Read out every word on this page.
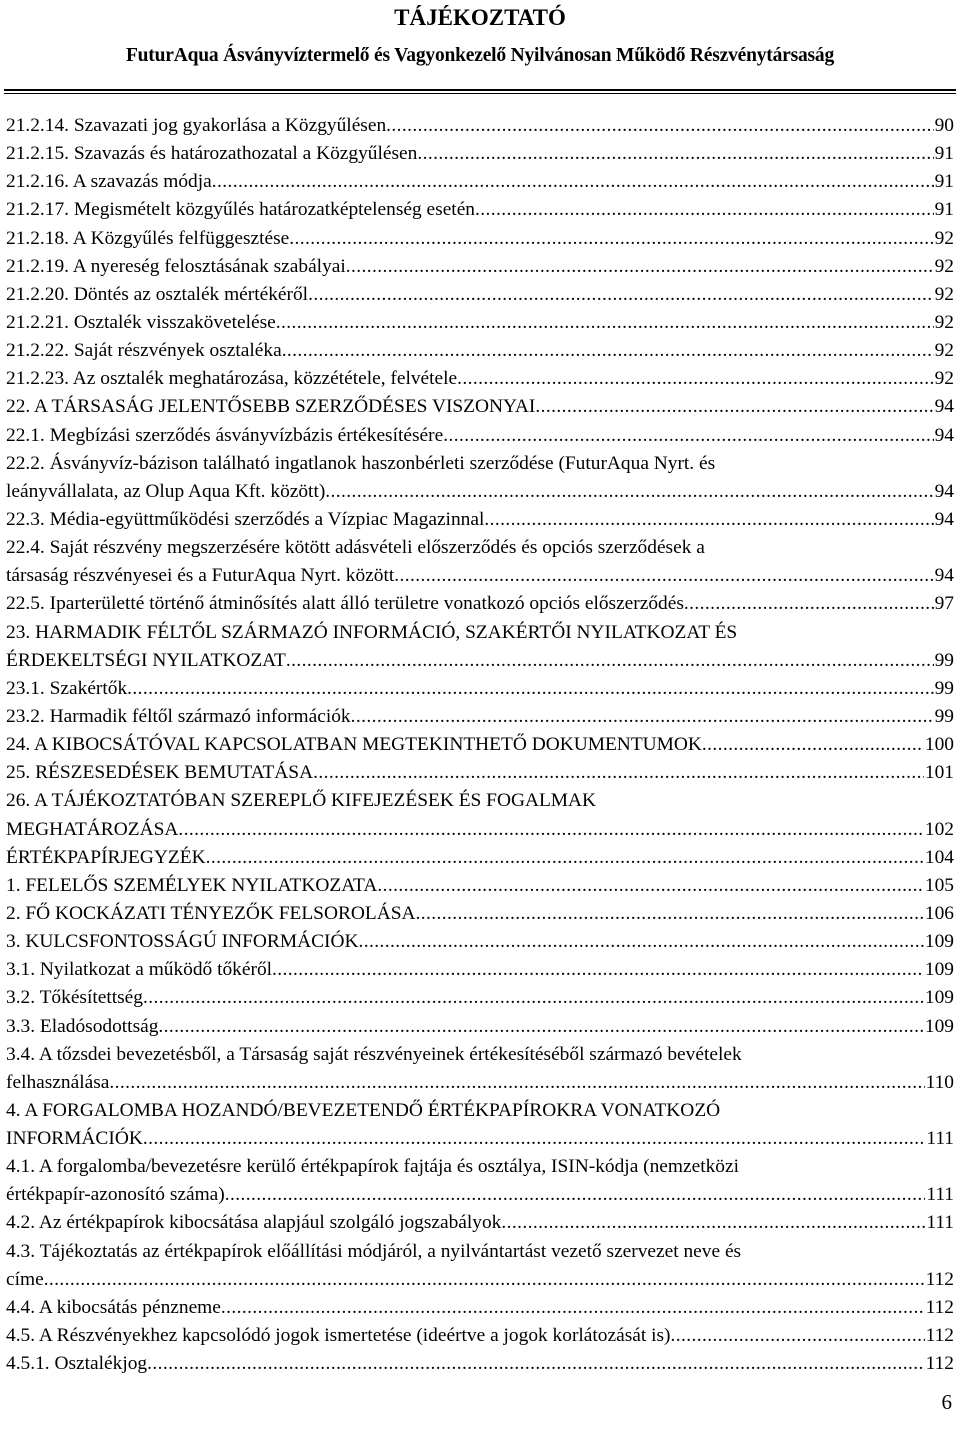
TÁJÉKOZTATÓ
FuturAqua Ásványvíztermelő és Vagyonkezelő Nyilvánosan Működő Részvénytársaság
21.2.14. Szavazati jog gyakorlása a Közgyűlésen .....	90
21.2.15. Szavazás és határozathozatal a Közgyűlésen .....	91
21.2.16. A szavazás módja .....	91
21.2.17. Megismételt közgyűlés határozatképtelenség esetén .....	91
21.2.18. A Közgyűlés felfüggesztése .....	92
21.2.19. A nyereség felosztásának szabályai .....	92
21.2.20. Döntés az osztalék mértékéről .....	92
21.2.21. Osztalék visszakövetelése .....	92
21.2.22. Saját részvények osztaléka .....	92
21.2.23. Az osztalék meghatározása, közzététele, felvétele .....	92
22. A TÁRSASÁG JELENTŐSEBB SZERZŐDÉSES VISZONYAI .....	94
22.1. Megbízási szerződés ásványvízbázis értékesítésére .....	94
22.2. Ásványvíz-bázison található ingatlanok haszonbérleti szerződése (FuturAqua Nyrt. és
leányvállalata, az Olup Aqua Kft. között) .....	94
22.3. Média-együttműködési szerződés a Vízpiac Magazinnal .....	94
22.4. Saját részvény megszerzésére kötött adásvételi előszerződés és opciós szerződések a
társaság részvényesei és a FuturAqua Nyrt. között .....	94
22.5. Iparterületté történő átminősítés alatt álló területre vonatkozó opciós előszerződés .....	97
23. HARMADIK FÉLTŐL SZÁRMAZÓ INFORMÁCIÓ, SZAKÉRTŐI NYILATKOZAT ÉS
ÉRDEKELTSÉGI NYILATKOZAT .....	99
23.1. Szakértők .....	99
23.2. Harmadik féltől származó információk .....	99
24. A KIBOCSÁTÓVAL KAPCSOLATBAN MEGTEKINTHETŐ DOKUMENTUMOK .....	100
25. RÉSZESEDÉSEK BEMUTATÁSA .....	101
26. A TÁJÉKOZTATÓBAN SZEREPLŐ KIFEJEZÉSEK ÉS FOGALMAK
MEGHATÁROZÁSA .....	102
ÉRTÉKPAPÍRJEGYZÉK .....	104
1. FELELŐS SZEMÉLYEK NYILATKOZATA .....	105
2. FŐ KOCKÁZATI TÉNYEZŐK FELSOROLÁSA .....	106
3. KULCSFONTOSSÁGÚ INFORMÁCIÓK .....	109
3.1. Nyilatkozat a működő tőkéről .....	109
3.2. Tőkésítettség .....	109
3.3. Eladósodottság .....	109
3.4. A tőzsdei bevezetésből, a Társaság saját részvényeinek értékesítéséből származó bevételek
felhasználása .....	110
4. A FORGALOMBA HOZANDÓ/BEVEZETENDŐ ÉRTÉKPAPÍROKRA VONATKOZÓ
INFORMÁCIÓK .....	111
4.1. A forgalomba/bevezetésre kerülő értékpapírok fajtája és osztálya, ISIN-kódja (nemzetközi
értékpapír-azonosító száma) .....	111
4.2. Az értékpapírok kibocsátása alapjául szolgáló jogszabályok .....	111
4.3. Tájékoztatás az értékpapírok előállítási módjáról, a nyilvántartást vezető szervezet neve és
címe .....	112
4.4. A kibocsátás pénzneme .....	112
4.5. A Részvényekhez kapcsolódó jogok ismertetése (ideértve a jogok korlátozását is) .....	112
4.5.1. Osztalékjog .....	112
6
